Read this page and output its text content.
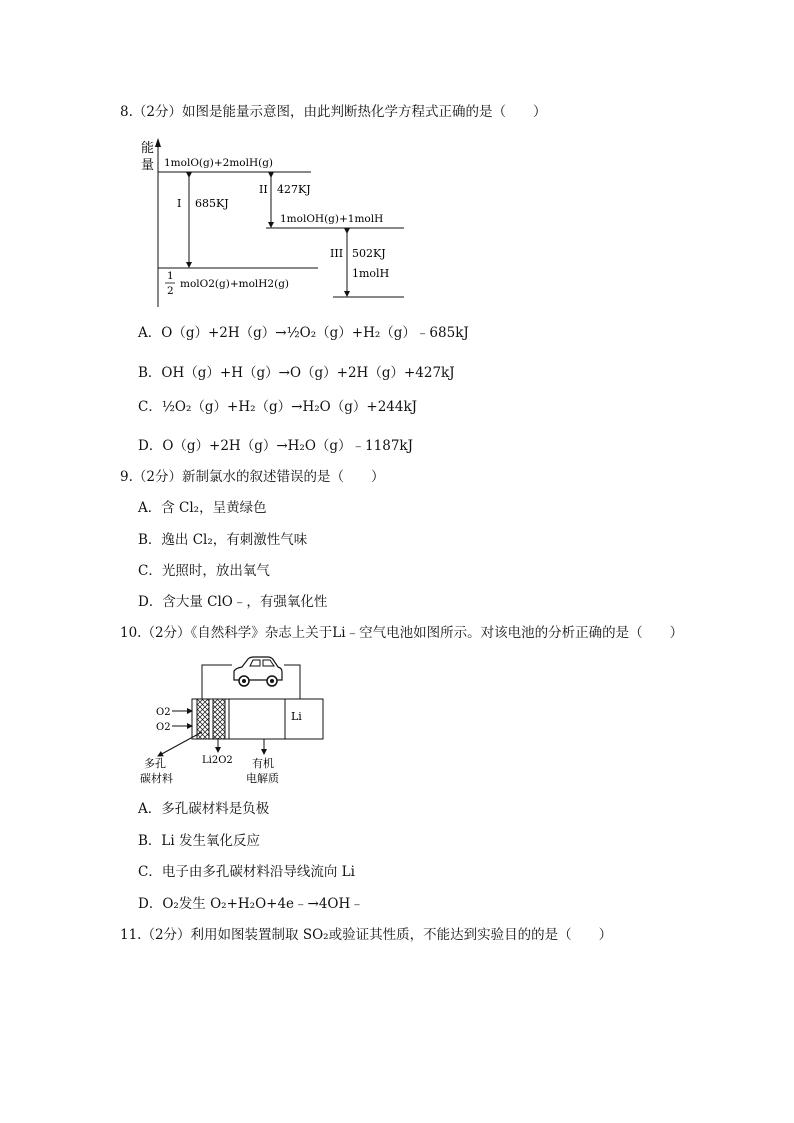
8.（2分）如图是能量示意图，由此判断热化学方程式正确的是（　　）
能
量 1molO(g)+2molH(g)
1molOH(g)+1molH
1
2
molO2(g)+molH2(g)
I 685KJ
II 427KJ
III 502KJ
1molH
A．O（g）+2H（g）→½O₂（g）+H₂（g）﹣685kJ
B．OH（g）+H（g）→O（g）+2H（g）+427kJ
C．½O₂（g）+H₂（g）→H₂O（g）+244kJ
D．O（g）+2H（g）→H₂O（g）﹣1187kJ
9.（2分）新制氯水的叙述错误的是（　　）
A．含 Cl₂，呈黄绿色
B．逸出 Cl₂，有刺激性气味
C．光照时，放出氧气
D．含大量 ClO﹣，有强氧化性
10.（2分）《自然科学》杂志上关于Li﹣空气电池如图所示。对该电池的分析正确的是（　　）
Li
O2
O2
多孔
碳材料
Li2O2 有机
电解质
A．多孔碳材料是负极
B．Li 发生氧化反应
C．电子由多孔碳材料沿导线流向 Li
D．O₂发生 O₂+H₂O+4e﹣→4OH﹣
11.（2分）利用如图装置制取 SO₂或验证其性质，不能达到实验目的的是（　　）
